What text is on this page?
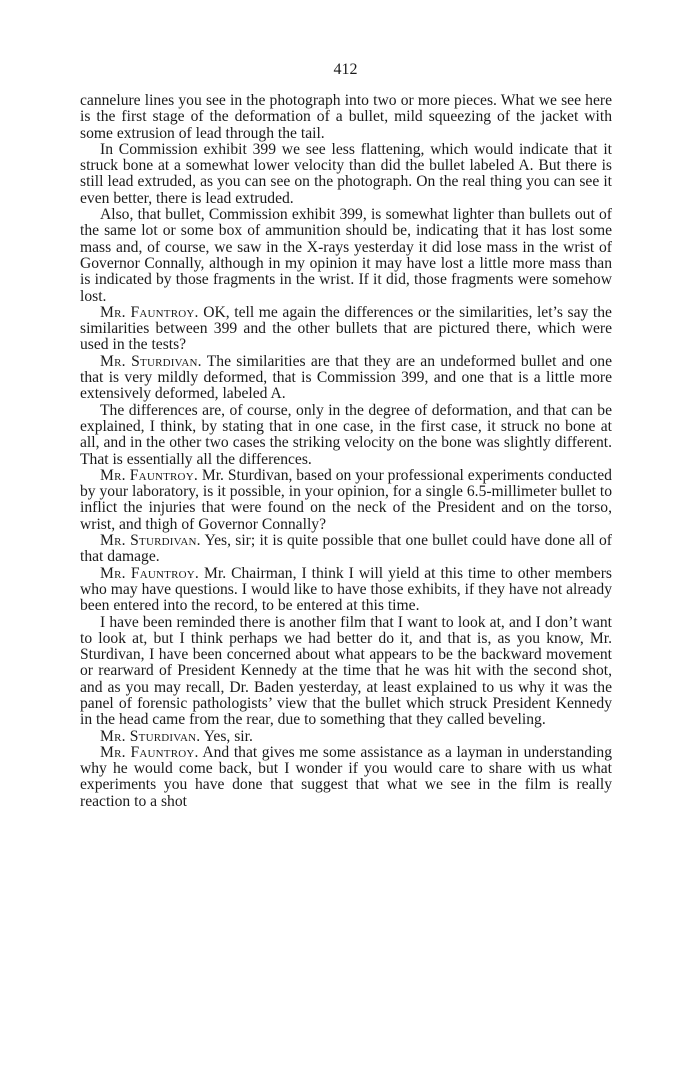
412

cannelure lines you see in the photograph into two or more pieces. What we see here is the first stage of the deformation of a bullet, mild squeezing of the jacket with some extrusion of lead through the tail.

In Commission exhibit 399 we see less flattening, which would indicate that it struck bone at a somewhat lower velocity than did the bullet labeled A. But there is still lead extruded, as you can see on the photograph. On the real thing you can see it even better, there is lead extruded.

Also, that bullet, Commission exhibit 399, is somewhat lighter than bullets out of the same lot or some box of ammunition should be, indicating that it has lost some mass and, of course, we saw in the X-rays yesterday it did lose mass in the wrist of Governor Connally, although in my opinion it may have lost a little more mass than is indicated by those fragments in the wrist. If it did, those fragments were somehow lost.

Mr. Fauntroy. OK, tell me again the differences or the similarities, let’s say the similarities between 399 and the other bullets that are pictured there, which were used in the tests?

Mr. Sturdivan. The similarities are that they are an undeformed bullet and one that is very mildly deformed, that is Commission 399, and one that is a little more extensively deformed, labeled A.

The differences are, of course, only in the degree of deformation, and that can be explained, I think, by stating that in one case, in the first case, it struck no bone at all, and in the other two cases the striking velocity on the bone was slightly different. That is essentially all the differences.

Mr. Fauntroy. Mr. Sturdivan, based on your professional experiments conducted by your laboratory, is it possible, in your opinion, for a single 6.5-millimeter bullet to inflict the injuries that were found on the neck of the President and on the torso, wrist, and thigh of Governor Connally?

Mr. Sturdivan. Yes, sir; it is quite possible that one bullet could have done all of that damage.

Mr. Fauntroy. Mr. Chairman, I think I will yield at this time to other members who may have questions. I would like to have those exhibits, if they have not already been entered into the record, to be entered at this time.

I have been reminded there is another film that I want to look at, and I don’t want to look at, but I think perhaps we had better do it, and that is, as you know, Mr. Sturdivan, I have been concerned about what appears to be the backward movement or rearward of President Kennedy at the time that he was hit with the second shot, and as you may recall, Dr. Baden yesterday, at least explained to us why it was the panel of forensic pathologists’ view that the bullet which struck President Kennedy in the head came from the rear, due to something that they called beveling.

Mr. Sturdivan. Yes, sir.

Mr. Fauntroy. And that gives me some assistance as a layman in understanding why he would come back, but I wonder if you would care to share with us what experiments you have done that suggest that what we see in the film is really reaction to a shot
